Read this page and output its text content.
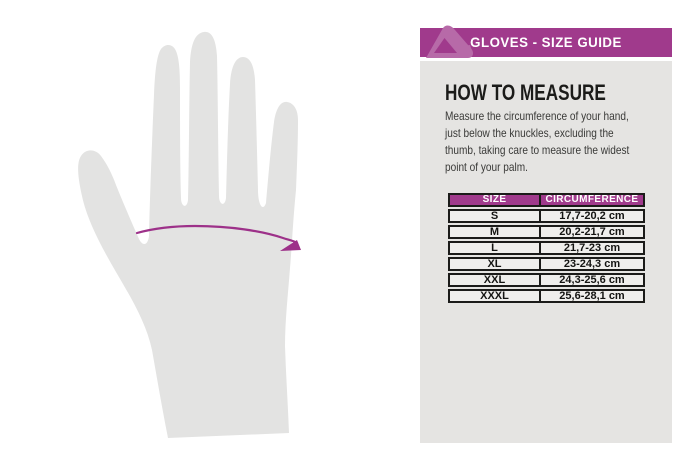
GLOVES - SIZE GUIDE
HOW TO MEASURE
Measure the circumference of your hand,
just below the knuckles, excluding the
thumb, taking care to measure the widest
point of your palm.
SIZE	CIRCUMFERENCE
S	17,7-20,2 cm
M	20,2-21,7 cm
L	21,7-23 cm
XL	23-24,3 cm
XXL	24,3-25,6 cm
XXXL	25,6-28,1 cm
